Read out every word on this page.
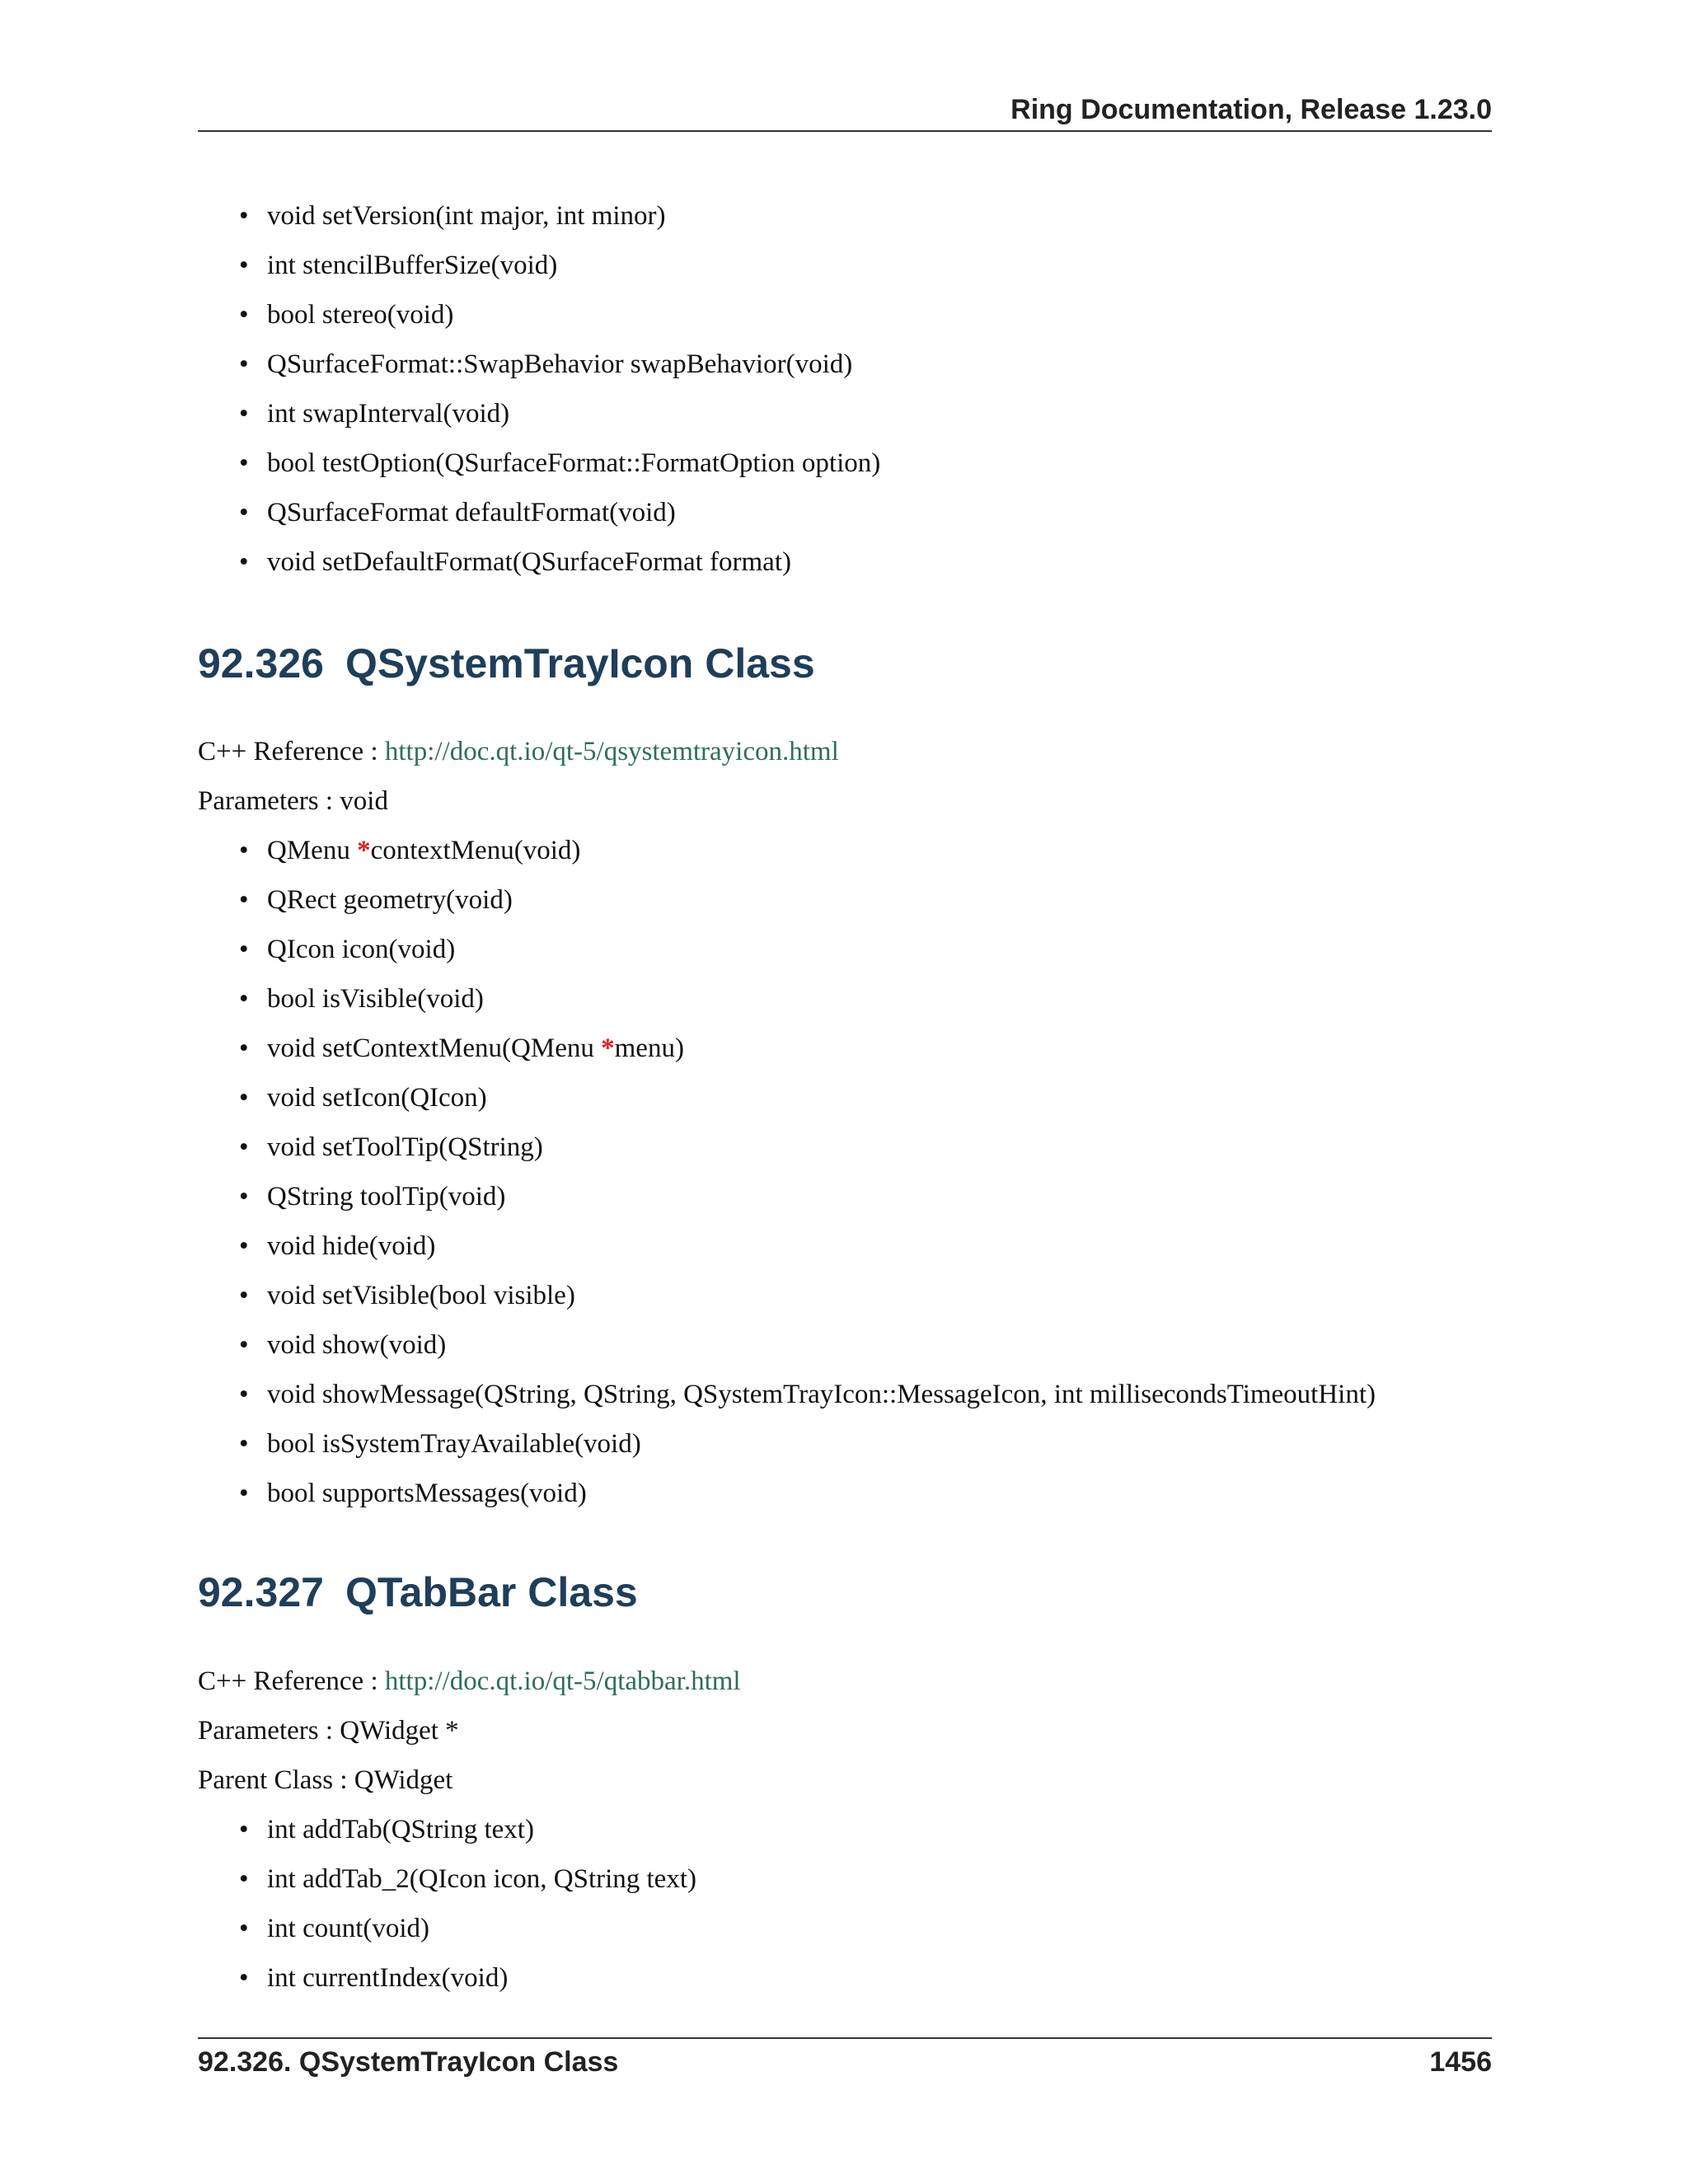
Ring Documentation, Release 1.23.0
• void setVersion(int major, int minor)
• int stencilBufferSize(void)
• bool stereo(void)
• QSurfaceFormat::SwapBehavior swapBehavior(void)
• int swapInterval(void)
• bool testOption(QSurfaceFormat::FormatOption option)
• QSurfaceFormat defaultFormat(void)
• void setDefaultFormat(QSurfaceFormat format)
92.326 QSystemTrayIcon Class

C++ Reference : http://doc.qt.io/qt-5/qsystemtrayicon.html

Parameters : void

• QMenu *contextMenu(void)
• QRect geometry(void)
• QIcon icon(void)
• bool isVisible(void)
• void setContextMenu(QMenu *menu)
• void setIcon(QIcon)
• void setToolTip(QString)
• QString toolTip(void)
• void hide(void)
• void setVisible(bool visible)
• void show(void)
• void showMessage(QString, QString, QSystemTrayIcon::MessageIcon, int millisecondsTimeoutHint)
• bool isSystemTrayAvailable(void)
• bool supportsMessages(void)
92.327 QTabBar Class

C++ Reference : http://doc.qt.io/qt-5/qtabbar.html

Parameters : QWidget *

Parent Class : QWidget

• int addTab(QString text)
• int addTab_2(QIcon icon, QString text)
• int count(void)
• int currentIndex(void)
92.326. QSystemTrayIcon Class	1456
